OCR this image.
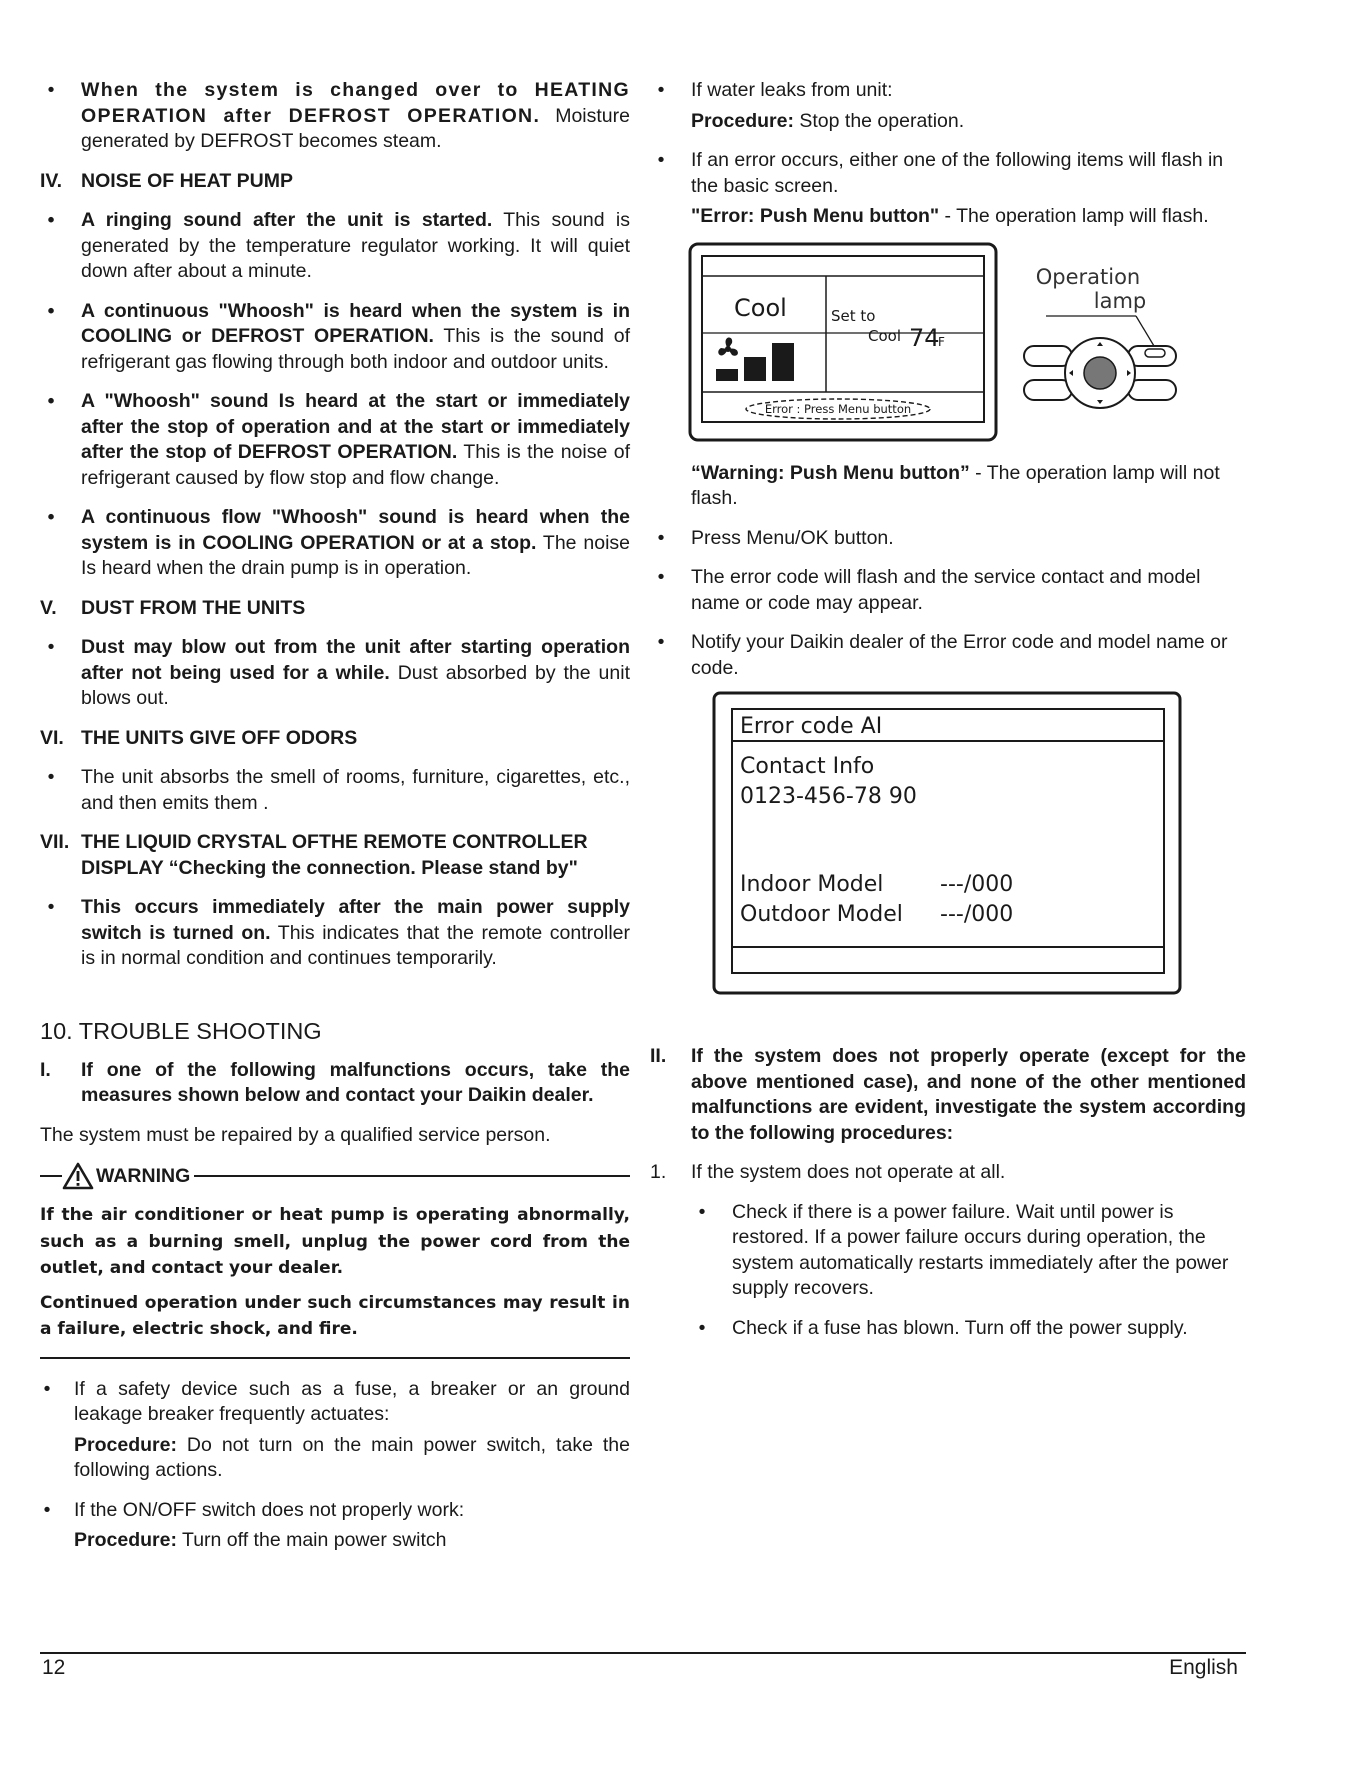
•	When the system is changed over to HEATING OPERATION after DEFROST OPERATION. Moisture generated by DEFROST becomes steam.
IV. NOISE OF HEAT PUMP
•	A ringing sound after the unit is started. This sound is generated by the temperature regulator working. It will quiet down after about a minute.
•	A continuous "Whoosh" is heard when the system is in COOLING or DEFROST OPERATION. This is the sound of refrigerant gas flowing through both indoor and outdoor units.
•	A "Whoosh" sound Is heard at the start or immediately after the stop of operation and at the start or immediately after the stop of DEFROST OPERATION. This is the noise of refrigerant caused by flow stop and flow change.
•	A continuous flow "Whoosh" sound is heard when the system is in COOLING OPERATION or at a stop. The noise Is heard when the drain pump is in operation.
V. DUST FROM THE UNITS
•	Dust may blow out from the unit after starting operation after not being used for a while. Dust absorbed by the unit blows out.
VI. THE UNITS GIVE OFF ODORS
•	The unit absorbs the smell of rooms, furniture, cigarettes, etc., and then emits them .
VII. THE LIQUID CRYSTAL OFTHE REMOTE CONTROLLER DISPLAY “Checking the connection. Please stand by"
•	This occurs immediately after the main power supply switch is turned on. This indicates that the remote controller is in normal condition and continues temporarily.
10. TROUBLE SHOOTING
I. If one of the following malfunctions occurs, take the measures shown below and contact your Daikin dealer.

The system must be repaired by a qualified service person.

WARNING

If the air conditioner or heat pump is operating abnormally, such as a burning smell, unplug the power cord from the outlet, and contact your dealer.

Continued operation under such circumstances may result in a failure, electric shock, and fire.

• If a safety device such as a fuse, a breaker or an ground leakage breaker frequently actuates:

Procedure: Do not turn on the main power switch, take the following actions.

• If the ON/OFF switch does not properly work:

Procedure: Turn off the main power switch

•	If water leaks from unit:

Procedure: Stop the operation.

•	If an error occurs, either one of the following items will flash in the basic screen.

"Error: Push Menu button" - The operation lamp will flash.

Cool	Set to
Cool 74
F
Error : Press Menu button
Operation
lamp

“Warning: Push Menu button” - The operation lamp will not flash.

•	Press Menu/OK button.
•	The error code will flash and the service contact and model name or code may appear.
•	Notify your Daikin dealer of the Error code and model name or code.
Error code AI
Contact Info
0123-456-78 90
Indoor Model	---/000
Outdoor Model ---/000
II. If the system does not properly operate (except for the above mentioned case), and none of the other mentioned malfunctions are evident, investigate the system according to the following procedures:
1. If the system does not operate at all.
•	Check if there is a power failure. Wait until power is restored. If a power failure occurs during operation, the system automatically restarts immediately after the power supply recovers.
•	Check if a fuse has blown. Turn off the power supply.
12	English
